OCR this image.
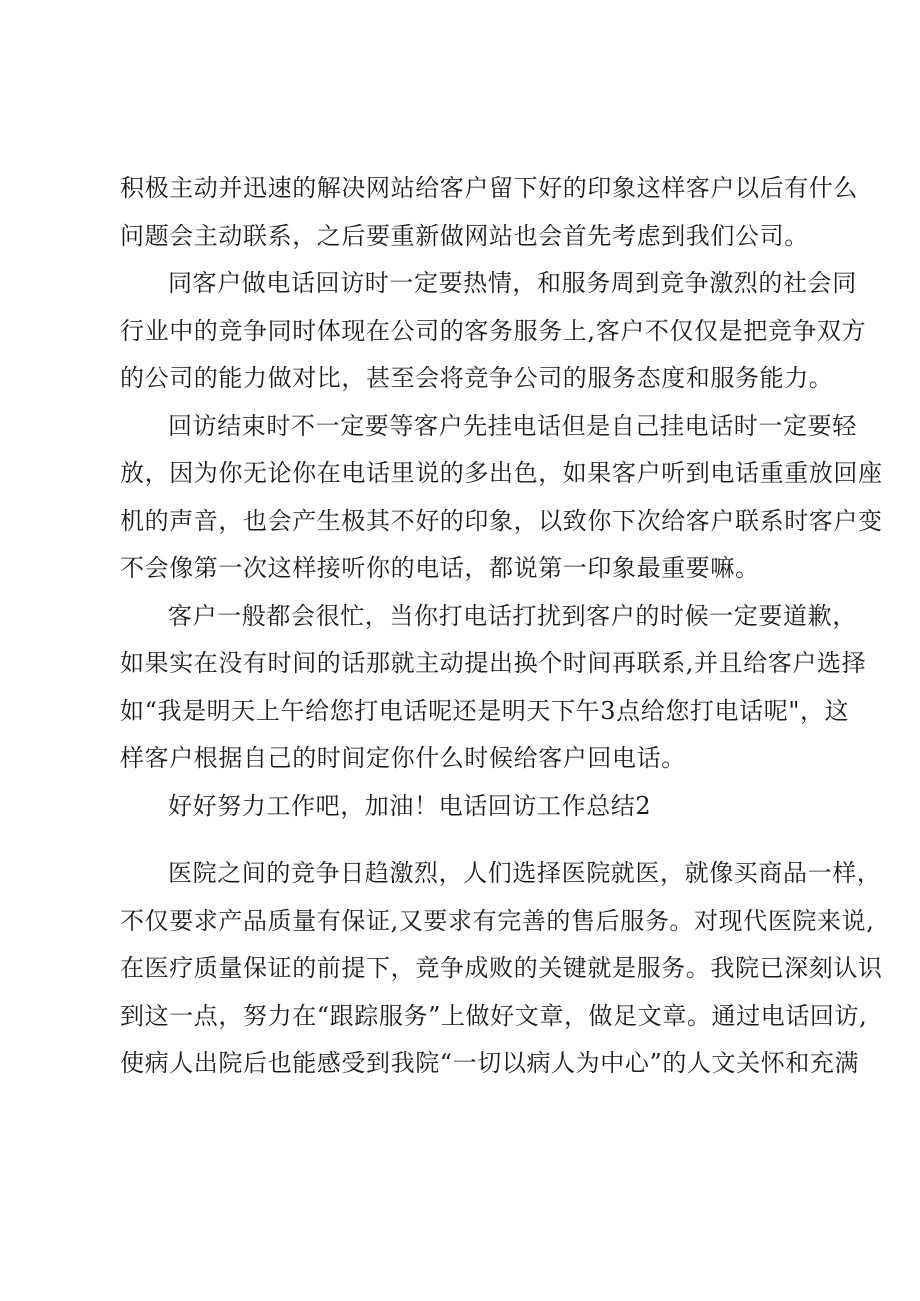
积极主动并迅速的解决网站给客户留下好的印象这样客户以后有什么
问题会主动联系，之后要重新做网站也会首先考虑到我们公司。
同客户做电话回访时一定要热情，和服务周到竞争激烈的社会同
行业中的竞争同时体现在公司的客务服务上,客户不仅仅是把竞争双方
的公司的能力做对比，甚至会将竞争公司的服务态度和服务能力。
回访结束时不一定要等客户先挂电话但是自己挂电话时一定要轻
放，因为你无论你在电话里说的多出色，如果客户听到电话重重放回座
机的声音，也会产生极其不好的印象，以致你下次给客户联系时客户变
不会像第一次这样接听你的电话，都说第一印象最重要嘛。
客户一般都会很忙，当你打电话打扰到客户的时候一定要道歉，
如果实在没有时间的话那就主动提出换个时间再联系,并且给客户选择
如“我是明天上午给您打电话呢还是明天下午3点给您打电话呢"，这
样客户根据自己的时间定你什么时候给客户回电话。
好好努力工作吧，加油！电话回访工作总结2
医院之间的竞争日趋激烈，人们选择医院就医，就像买商品一样，
不仅要求产品质量有保证,又要求有完善的售后服务。对现代医院来说,
在医疗质量保证的前提下，竞争成败的关键就是服务。我院已深刻认识
到这一点，努力在“跟踪服务”上做好文章，做足文章。通过电话回访,
使病人出院后也能感受到我院“一切以病人为中心”的人文关怀和充满
